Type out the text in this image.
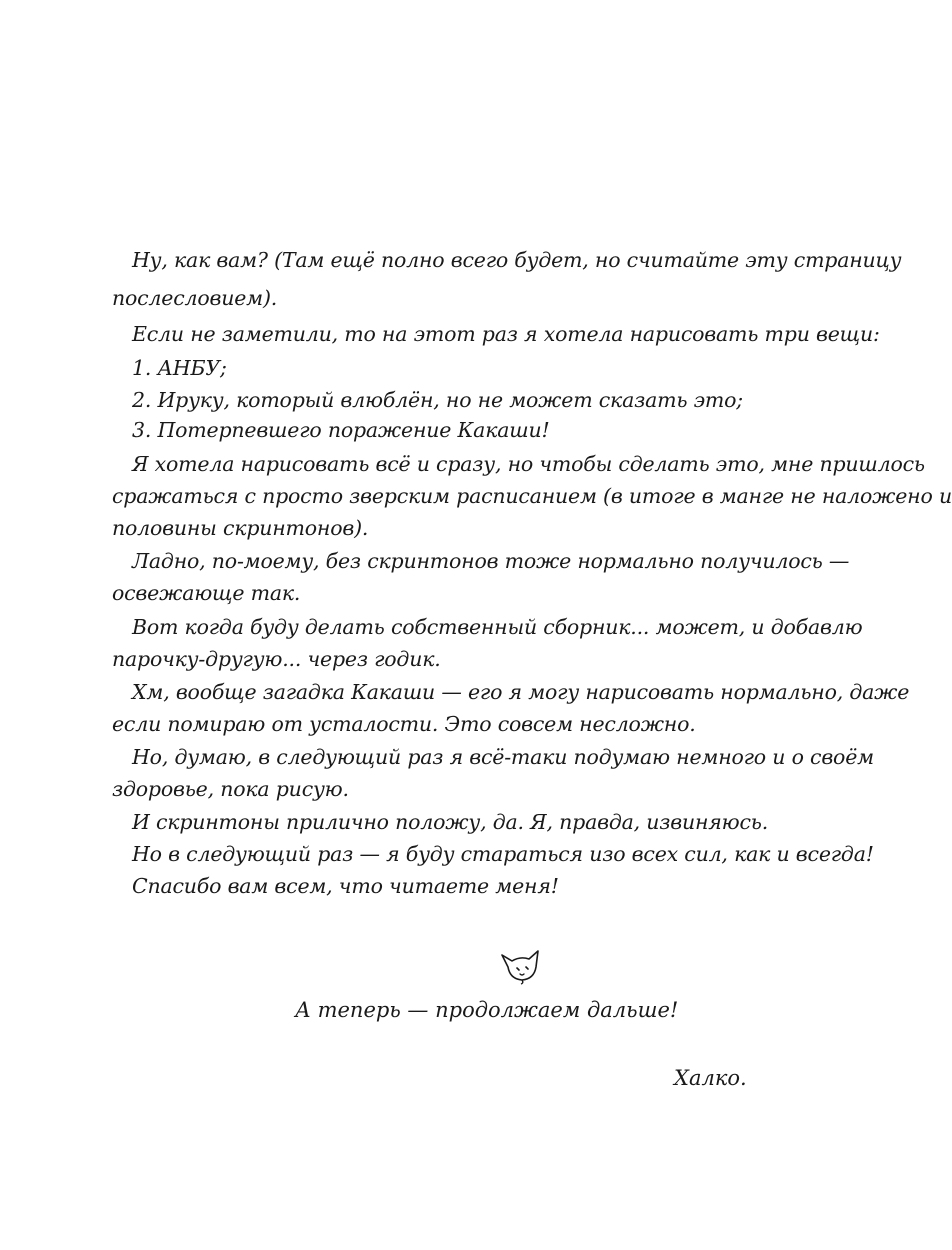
Ну, как вам? (Там ещё полно всего будет, но считайте эту страницу
послесловием).
Если не заметили, то на этот раз я хотела нарисовать три вещи:
1. АНБУ;
2. Ируку, который влюблён, но не может сказать это;
3. Потерпевшего поражение Какаши!
Я хотела нарисовать всё и сразу, но чтобы сделать это, мне пришлось
сражаться с просто зверским расписанием (в итоге в манге не наложено и
половины скринтонов).
Ладно, по-моему, без скринтонов тоже нормально получилось —
освежающе так.
Вот когда буду делать собственный сборник... может, и добавлю
парочку-другую... через годик.
Хм, вообще загадка Какаши — его я могу нарисовать нормально, даже
если помираю от усталости. Это совсем несложно.
Но, думаю, в следующий раз я всё-таки подумаю немного и о своём
здоровье, пока рисую.
И скринтоны прилично положу, да. Я, правда, извиняюсь.
Но в следующий раз — я буду стараться изо всех сил, как и всегда!
Спасибо вам всем, что читаете меня!
А теперь — продолжаем дальше!
Халко.
